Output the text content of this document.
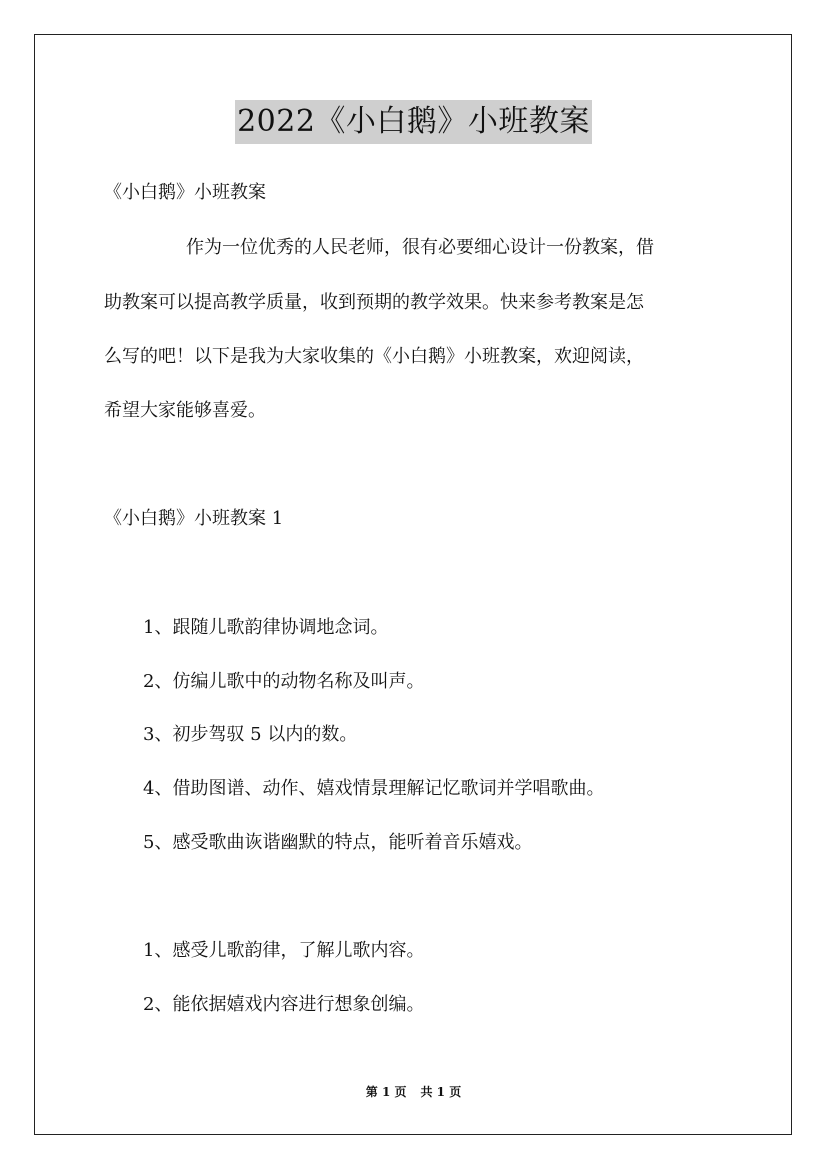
2022《小白鹅》小班教案
《小白鹅》小班教案
作为一位优秀的人民老师，很有必要细心设计一份教案，借
助教案可以提高教学质量，收到预期的教学效果。快来参考教案是怎
么写的吧！以下是我为大家收集的《小白鹅》小班教案，欢迎阅读，
希望大家能够喜爱。
《小白鹅》小班教案 1
1、跟随儿歌韵律协调地念词。
2、仿编儿歌中的动物名称及叫声。
3、初步驾驭 5 以内的数。
4、借助图谱、动作、嬉戏情景理解记忆歌词并学唱歌曲。
5、感受歌曲诙谐幽默的特点，能听着音乐嬉戏。
1、感受儿歌韵律，了解儿歌内容。
2、能依据嬉戏内容进行想象创编。
第 1 页 共 1 页
